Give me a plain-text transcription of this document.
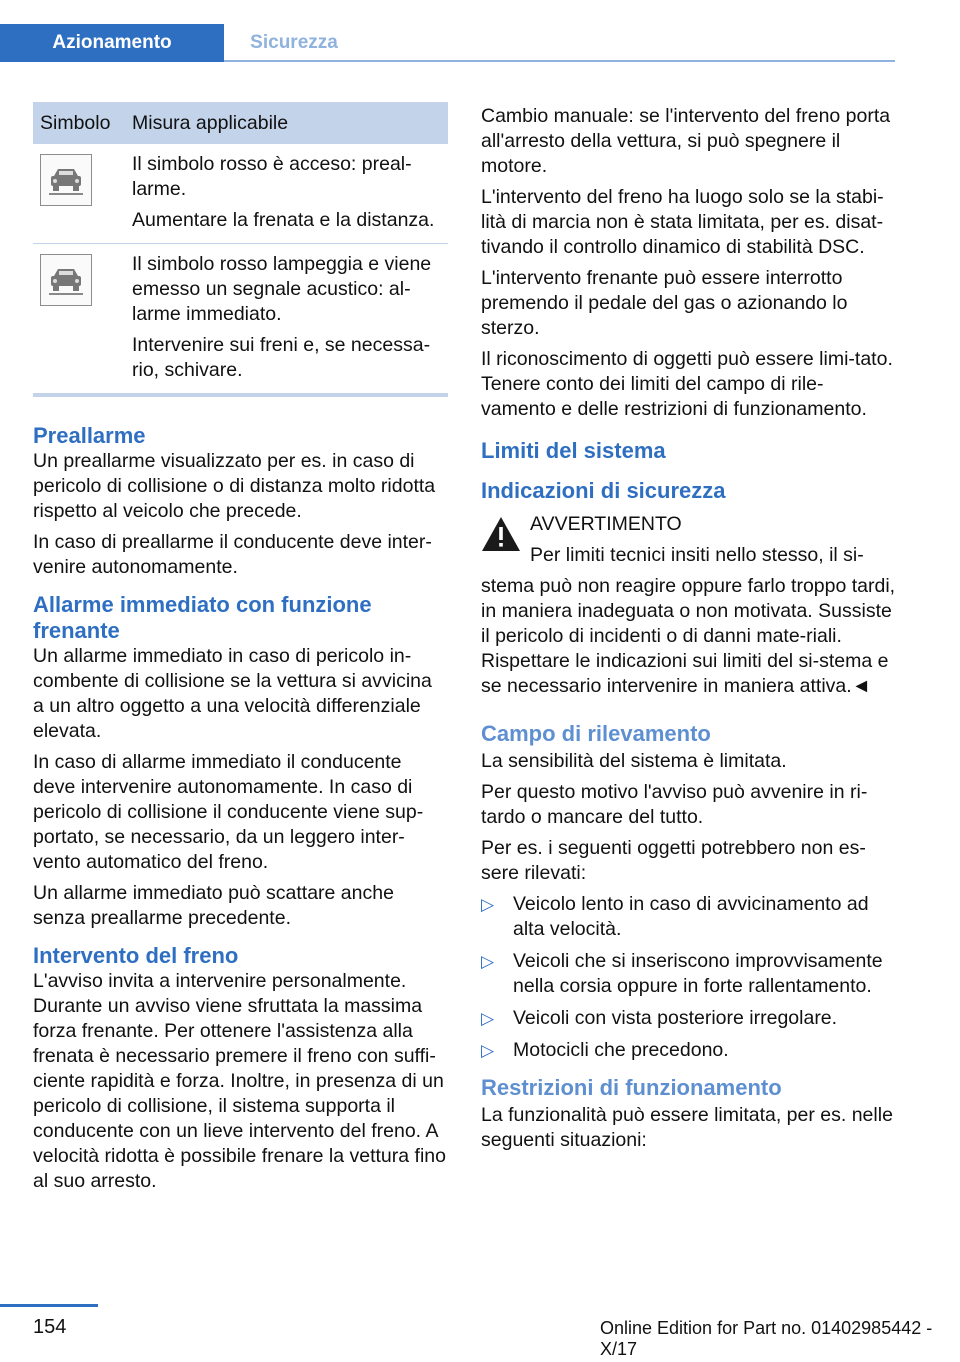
Azionamento	Sicurezza
Simbolo	Misura applicabile

Il simbolo rosso è acceso: preal-larme.

Aumentare la frenata e la distanza.

Il simbolo rosso lampeggia e viene emesso un segnale acustico: al-larme immediato.

Intervenire sui freni e, se necessa-rio, schivare.

Preallarme

Un preallarme visualizzato per es. in caso di pericolo di collisione o di distanza molto ridotta rispetto al veicolo che precede.

In caso di preallarme il conducente deve inter-venire autonomamente.

Allarme immediato con funzione frenante

Un allarme immediato in caso di pericolo in-combente di collisione se la vettura si avvicina a un altro oggetto a una velocità differenziale elevata.

In caso di allarme immediato il conducente deve intervenire autonomamente. In caso di pericolo di collisione il conducente viene sup-portato, se necessario, da un leggero inter-vento automatico del freno.

Un allarme immediato può scattare anche senza preallarme precedente.

Intervento del freno

L'avviso invita a intervenire personalmente. Durante un avviso viene sfruttata la massima forza frenante. Per ottenere l'assistenza alla frenata è necessario premere il freno con suffi-ciente rapidità e forza. Inoltre, in presenza di un pericolo di collisione, il sistema supporta il conducente con un lieve intervento del freno. A velocità ridotta è possibile frenare la vettura fino al suo arresto.

Cambio manuale: se l'intervento del freno porta all'arresto della vettura, si può spegnere il motore.

L'intervento del freno ha luogo solo se la stabi-lità di marcia non è stata limitata, per es. disat-tivando il controllo dinamico di stabilità DSC.

L'intervento frenante può essere interrotto premendo il pedale del gas o azionando lo sterzo.

Il riconoscimento di oggetti può essere limi-tato. Tenere conto dei limiti del campo di rile-vamento e delle restrizioni di funzionamento.

Limiti del sistema
Indicazioni di sicurezza

AVVERTIMENTO

Per limiti tecnici insiti nello stesso, il si-

stema può non reagire oppure farlo troppo tardi, in maniera inadeguata o non motivata. Sussiste il pericolo di incidenti o di danni mate-riali. Rispettare le indicazioni sui limiti del si-stema e se necessario intervenire in maniera attiva.◄

Campo di rilevamento

La sensibilità del sistema è limitata.

Per questo motivo l'avviso può avvenire in ri-tardo o mancare del tutto.

Per es. i seguenti oggetti potrebbero non es-sere rilevati:

▷ Veicolo lento in caso di avvicinamento ad alta velocità.
▷ Veicoli che si inseriscono improvvisamente nella corsia oppure in forte rallentamento.
▷ Veicoli con vista posteriore irregolare.
▷ Motocicli che precedono.
Restrizioni di funzionamento

La funzionalità può essere limitata, per es. nelle seguenti situazioni:

154	Online Edition for Part no. 01402985442 - X/17
